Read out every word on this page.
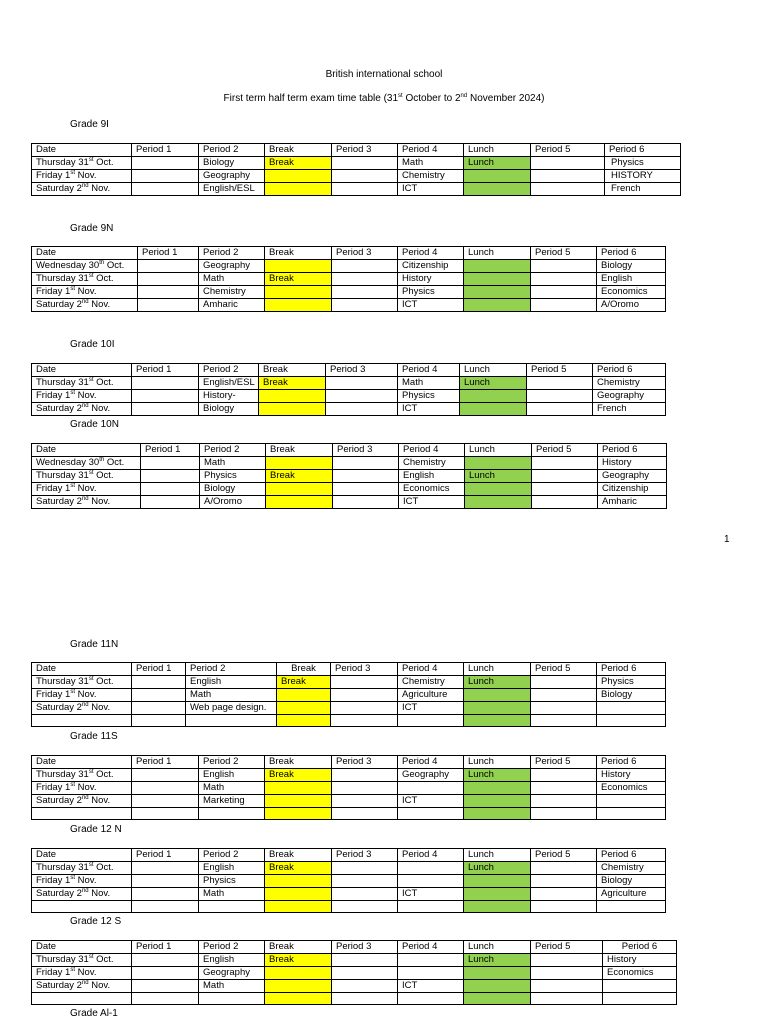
British international school
First term half term exam time table (31st October to 2nd November 2024)
1
Grade 9I
Date	Period 1	Period 2	Break	Period 3	Period 4	Lunch	Period 5	Period 6
Thursday 31st Oct.		Biology	Break		Math	Lunch		Physics
Friday 1st Nov.		Geography			Chemistry			HISTORY
Saturday 2nd Nov.		English/ESL			ICT			French
Grade 9N
Date	Period 1	Period 2	Break	Period 3	Period 4	Lunch	Period 5	Period 6
Wednesday 30th Oct.		Geography			Citizenship			Biology
Thursday 31st Oct.		Math	Break		History			English
Friday 1st Nov.		Chemistry			Physics			Economics
Saturday 2nd Nov.		Amharic			ICT			A/Oromo
Grade 10I
Date	Period 1	Period 2	Break	Period 3	Period 4	Lunch	Period 5	Period 6
Thursday 31st Oct.		English/ESL	Break		Math	Lunch		Chemistry
Friday 1st Nov.		History-			Physics			Geography
Saturday 2nd Nov.		Biology			ICT			French
Grade 10N
Date	Period 1	Period 2	Break	Period 3	Period 4	Lunch	Period 5	Period 6
Wednesday 30th Oct.		Math			Chemistry			History
Thursday 31st Oct.		Physics	Break		English	Lunch		Geography
Friday 1st Nov.		Biology			Economics			Citizenship
Saturday 2nd Nov.		A/Oromo			ICT			Amharic
Grade 11N
Date	Period 1	Period 2	Break	Period 3	Period 4	Lunch	Period 5	Period 6
Thursday 31st Oct.		English	Break		Chemistry	Lunch		Physics
Friday 1st Nov.		Math			Agriculture			Biology
Saturday 2nd Nov.		Web page design.			ICT			

Grade 11S
Date	Period 1	Period 2	Break	Period 3	Period 4	Lunch	Period 5	Period 6
Thursday 31st Oct.		English	Break		Geography	Lunch		History
Friday 1st Nov.		Math						Economics
Saturday 2nd Nov.		Marketing			ICT			

Grade 12 N
Date	Period 1	Period 2	Break	Period 3	Period 4	Lunch	Period 5	Period 6
Thursday 31st Oct.		English	Break			Lunch		Chemistry
Friday 1st Nov.		Physics						Biology
Saturday 2nd Nov.		Math			ICT			Agriculture

Grade 12 S
Date	Period 1	Period 2	Break	Period 3	Period 4	Lunch	Period 5	Period 6
Thursday 31st Oct.		English	Break			Lunch		History
Friday 1st Nov.		Geography						Economics
Saturday 2nd Nov.		Math			ICT			

Grade Al-1
